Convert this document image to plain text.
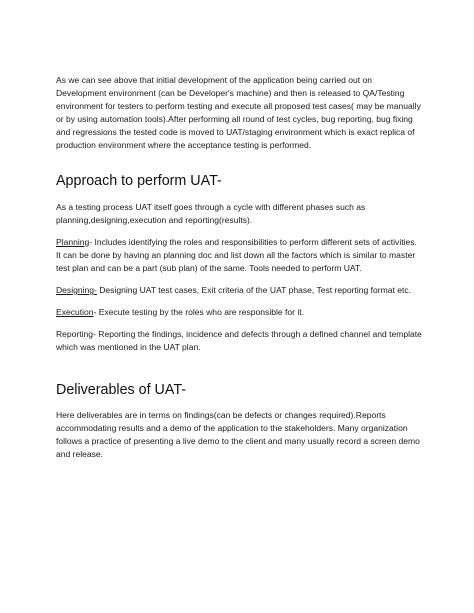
As we can see above that initial development of the application being carried out on Development environment (can be Developer's machine) and then is released to QA/Testing environment for testers to perform testing and execute all proposed test cases( may be manually or by using automation tools).After performing all round of test cycles, bug reporting, bug fixing and regressions the tested code is moved to UAT/staging environment which is exact replica of production environment where the acceptance testing is performed.

Approach to perform UAT-

As a testing process UAT itself goes through a cycle with different phases such as planning,designing,execution and reporting(results).

Planning- Includes identifying the roles and responsibilities to perform different sets of activities. It can be done by having an planning doc and list down all the factors which is similar to master test plan and can be a part (sub plan) of the same. Tools needed to perform UAT.

Designing- Designing UAT test cases, Exit criteria of the UAT phase, Test reporting format etc.

Execution- Execute testing by the roles who are responsible for it.

Reporting- Reporting the findings, incidence and defects through a defined channel and template which was mentioned in the UAT plan.

Deliverables of UAT-

Here deliverables are in terms on findings(can be defects or changes required).Reports accommodating results and a demo of the application to the stakeholders. Many organization follows a practice of presenting a live demo to the client and many usually record a screen demo and release.
